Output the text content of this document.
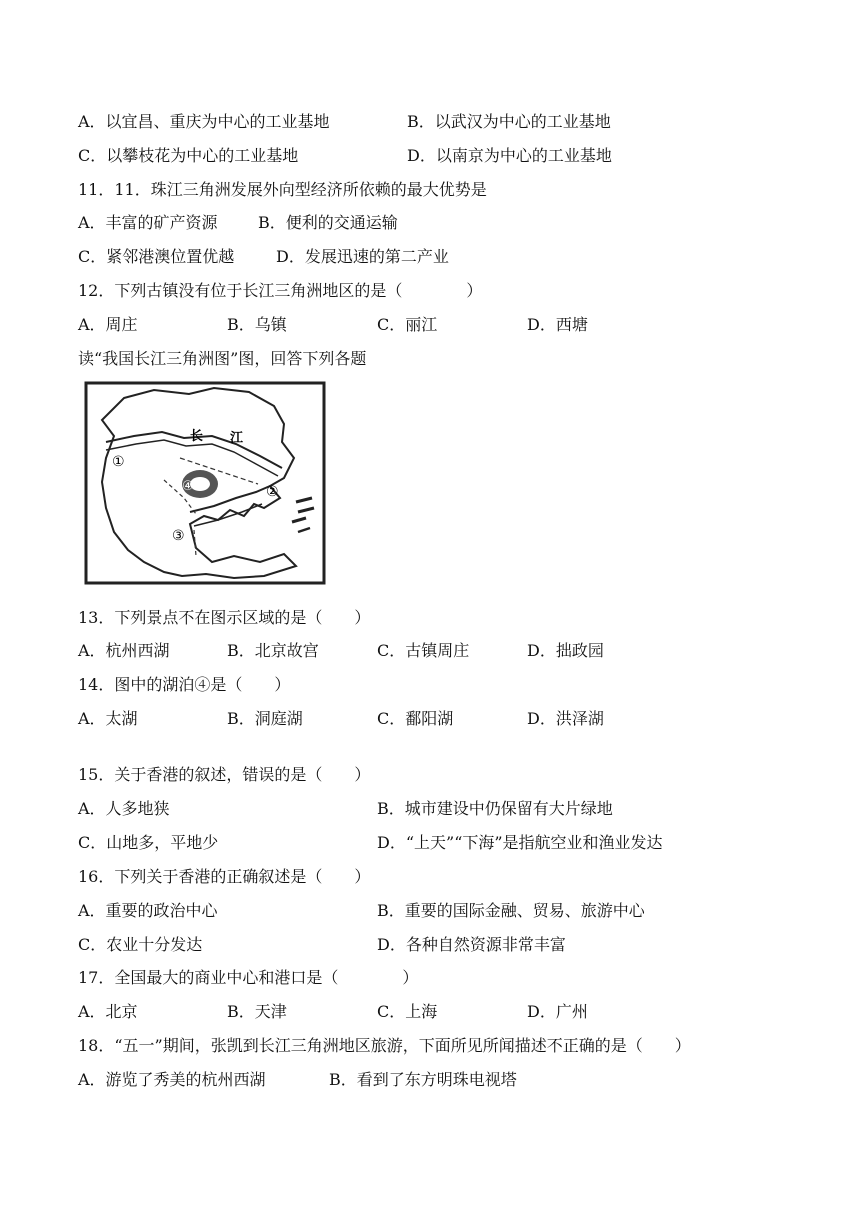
A．以宜昌、重庆为中心的工业基地	B．以武汉为中心的工业基地
C．以攀枝花为中心的工业基地	D．以南京为中心的工业基地
11．11．珠江三角洲发展外向型经济所依赖的最大优势是
A．丰富的矿产资源	B．便利的交通运输
C．紧邻港澳位置优越	D．发展迅速的第二产业
12．下列古镇没有位于长江三角洲地区的是（　　　　）
A．周庄	B．乌镇	C．丽江	D．西塘
读“我国长江三角洲图”图，回答下列各题
长 江
①
②
③
④
13．下列景点不在图示区域的是（　　）
A．杭州西湖	B．北京故宫	C．古镇周庄	D．拙政园
14．图中的湖泊④是（　　）
A．太湖	B．洞庭湖	C．鄱阳湖	D．洪泽湖
15．关于香港的叙述，错误的是（　　）
A．人多地狭	B．城市建设中仍保留有大片绿地
C．山地多，平地少	D．“上天”“下海”是指航空业和渔业发达
16．下列关于香港的正确叙述是（　　）
A．重要的政治中心	B．重要的国际金融、贸易、旅游中心
C．农业十分发达	D．各种自然资源非常丰富
17．全国最大的商业中心和港口是（　　　　）
A．北京	B．天津	C．上海	D．广州
18．“五一”期间，张凯到长江三角洲地区旅游，下面所见所闻描述不正确的是（　　）
A．游览了秀美的杭州西湖	B．看到了东方明珠电视塔
